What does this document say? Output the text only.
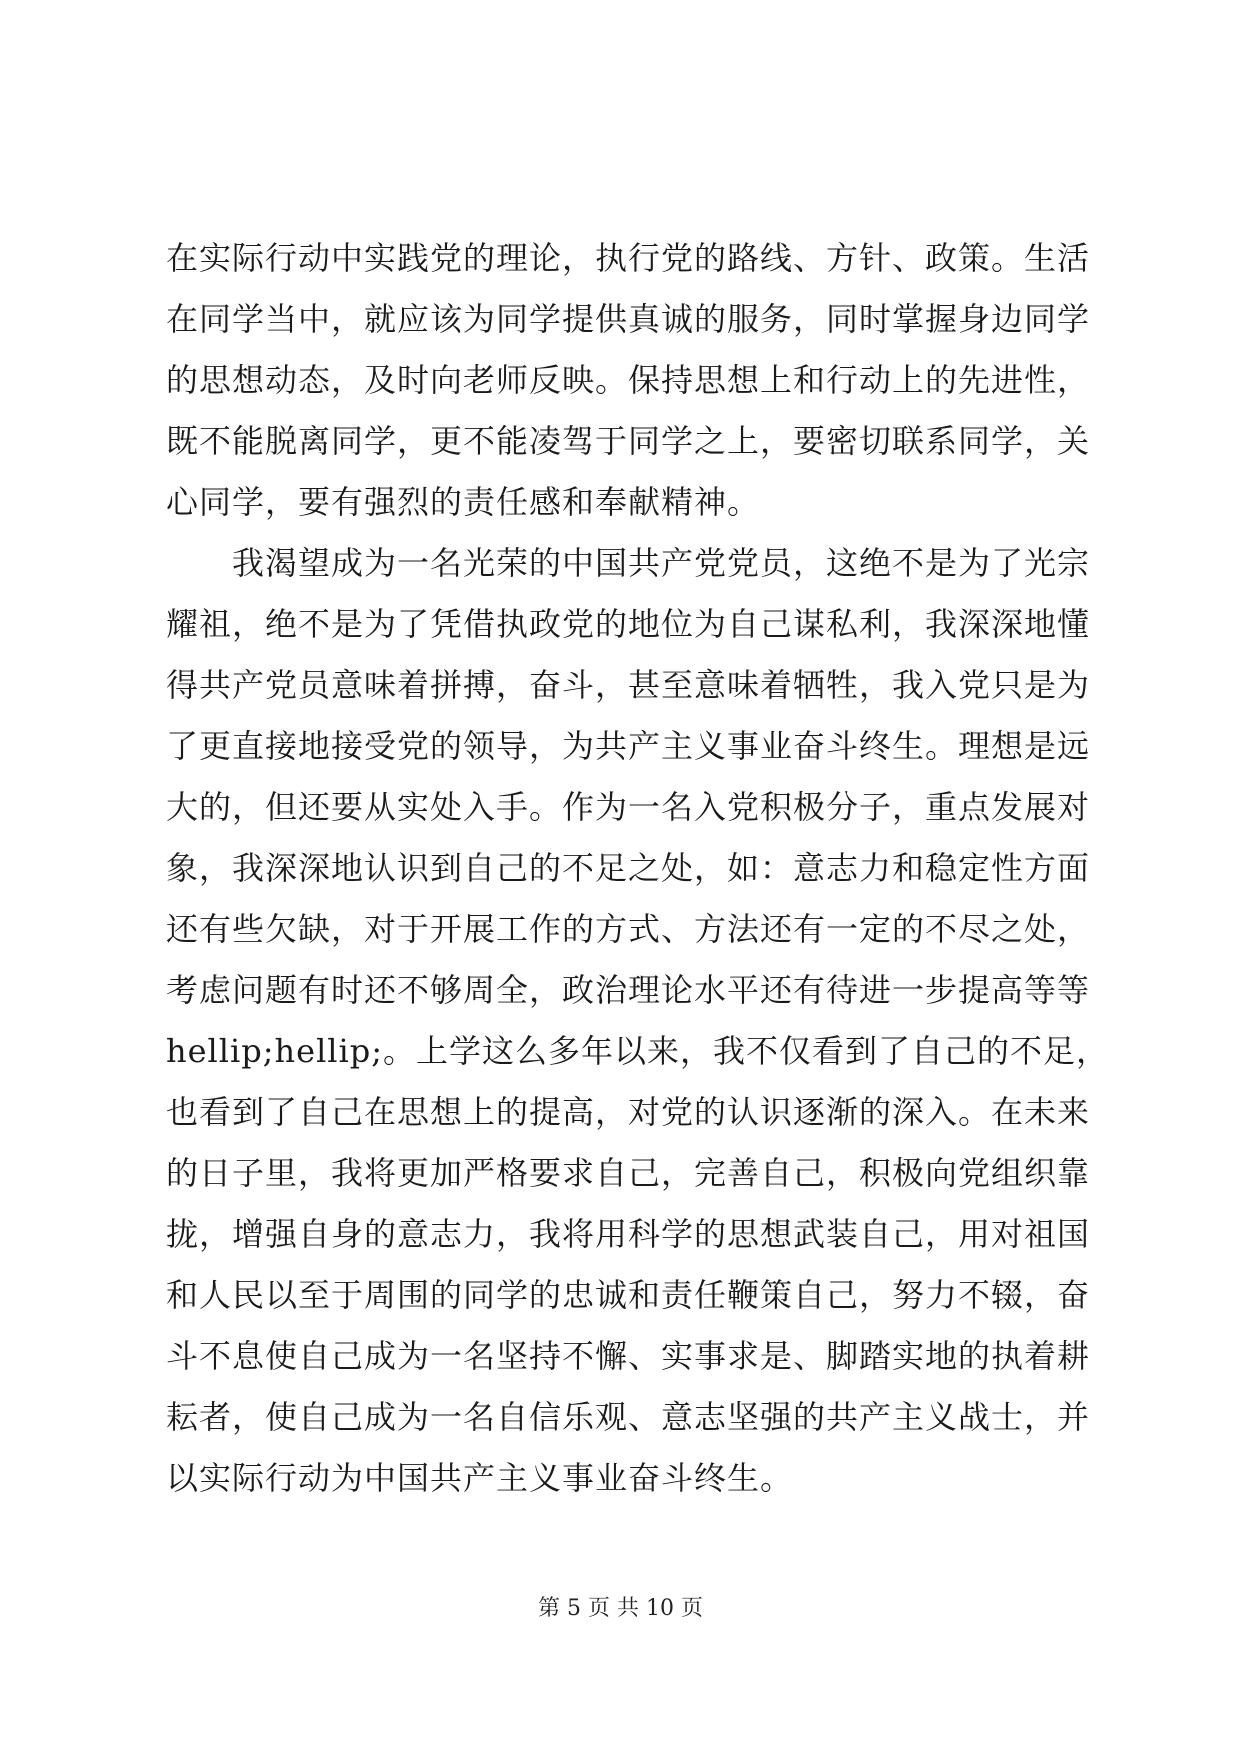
在实际行动中实践党的理论，执行党的路线、方针、政策。生活
在同学当中，就应该为同学提供真诚的服务，同时掌握身边同学
的思想动态，及时向老师反映。保持思想上和行动上的先进性，
既不能脱离同学，更不能凌驾于同学之上，要密切联系同学，关
心同学，要有强烈的责任感和奉献精神。
我渴望成为一名光荣的中国共产党党员，这绝不是为了光宗
耀祖，绝不是为了凭借执政党的地位为自己谋私利，我深深地懂
得共产党员意味着拼搏，奋斗，甚至意味着牺牲，我入党只是为
了更直接地接受党的领导，为共产主义事业奋斗终生。理想是远
大的，但还要从实处入手。作为一名入党积极分子，重点发展对
象，我深深地认识到自己的不足之处，如：意志力和稳定性方面
还有些欠缺，对于开展工作的方式、方法还有一定的不尽之处，
考虑问题有时还不够周全，政治理论水平还有待进一步提高等等
hellip;hellip;。上学这么多年以来，我不仅看到了自己的不足，
也看到了自己在思想上的提高，对党的认识逐渐的深入。在未来
的日子里，我将更加严格要求自己，完善自己，积极向党组织靠
拢，增强自身的意志力，我将用科学的思想武装自己，用对祖国
和人民以至于周围的同学的忠诚和责任鞭策自己，努力不辍，奋
斗不息使自己成为一名坚持不懈、实事求是、脚踏实地的执着耕
耘者，使自己成为一名自信乐观、意志坚强的共产主义战士，并
以实际行动为中国共产主义事业奋斗终生。
第 5 页 共 10 页
